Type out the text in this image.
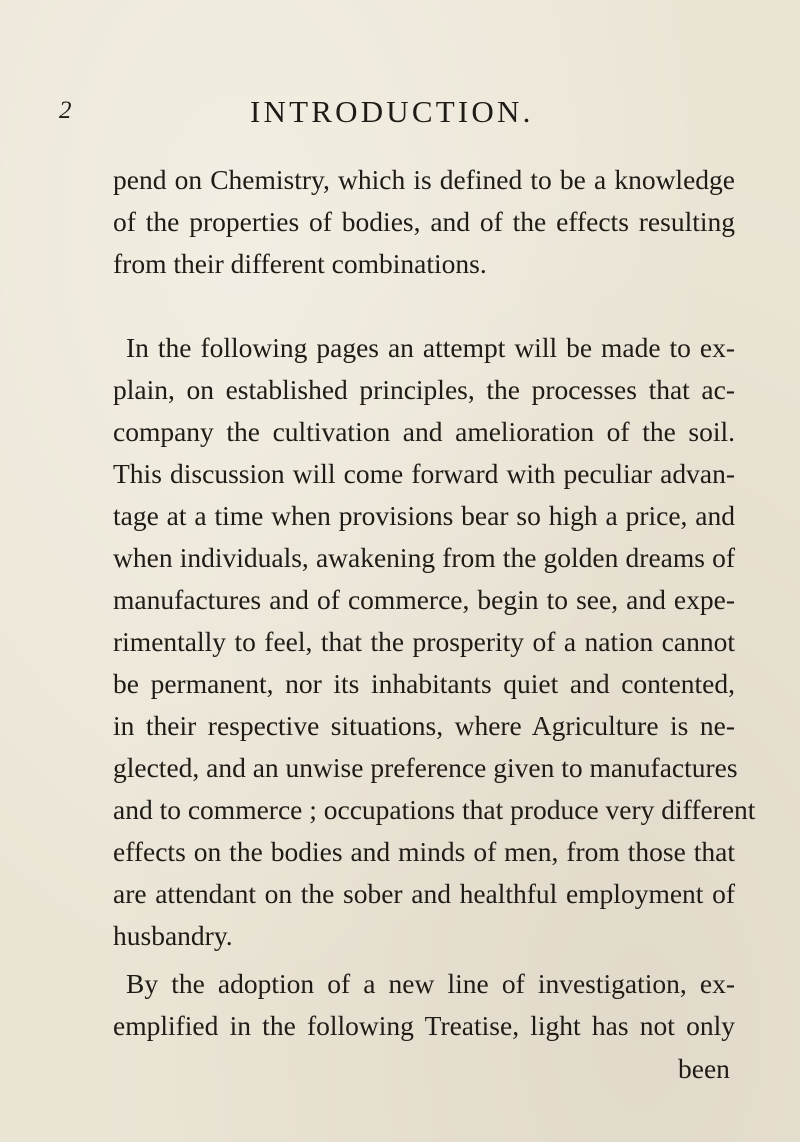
2	INTRODUCTION.
pend on Chemistry, which is defined to be a knowledge
of the properties of bodies, and of the effects resulting
from their different combinations.
In the following pages an attempt will be made to ex-
plain, on established principles, the processes that ac-
company the cultivation and amelioration of the soil.
This discussion will come forward with peculiar advan-
tage at a time when provisions bear so high a price, and
when individuals, awakening from the golden dreams of
manufactures and of commerce, begin to see, and expe-
rimentally to feel, that the prosperity of a nation cannot
be permanent, nor its inhabitants quiet and contented,
in their respective situations, where Agriculture is ne-
glected, and an unwise preference given to manufactures
and to commerce ; occupations that produce very different
effects on the bodies and minds of men, from those that
are attendant on the sober and healthful employment of
husbandry.
By the adoption of a new line of investigation, ex-
emplified in the following Treatise, light has not only
been
